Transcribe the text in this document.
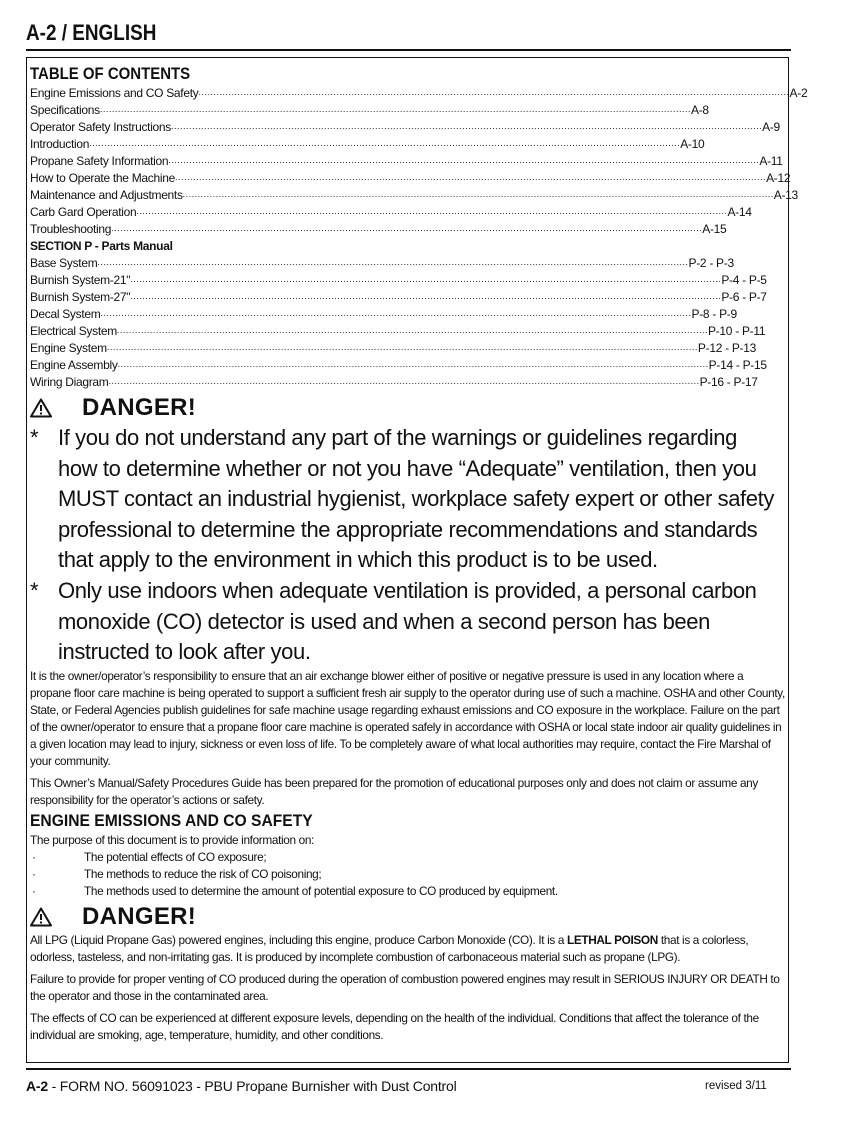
A-2 / ENGLISH
TABLE OF CONTENTS
Engine Emissions and CO Safety ..................................................................................................................................................................................................... A-2
Specifications ..................................................................................................................................................................................................... A-8
Operator Safety Instructions ..................................................................................................................................................................................................... A-9
Introduction ..................................................................................................................................................................................................... A-10
Propane Safety Information ..................................................................................................................................................................................................... A-11
How to Operate the Machine ..................................................................................................................................................................................................... A-12
Maintenance and Adjustments ..................................................................................................................................................................................................... A-13
Carb Gard Operation ..................................................................................................................................................................................................... A-14
Troubleshooting ..................................................................................................................................................................................................... A-15
SECTION P - Parts Manual
Base System ..................................................................................................................................................................................................... P-2 - P-3
Burnish System-21" ..................................................................................................................................................................................................... P-4 - P-5
Burnish System-27" ..................................................................................................................................................................................................... P-6 - P-7
Decal System ..................................................................................................................................................................................................... P-8 - P-9
Electrical System ..................................................................................................................................................................................................... P-10 - P-11
Engine System ..................................................................................................................................................................................................... P-12 - P-13
Engine Assembly ..................................................................................................................................................................................................... P-14 - P-15
Wiring Diagram ..................................................................................................................................................................................................... P-16 - P-17
DANGER!
* If you do not understand any part of the warnings or guidelines regarding how to determine whether or not you have “Adequate” ventilation, then you MUST contact an industrial hygienist, workplace safety expert or other safety professional to determine the appropriate recommendations and standards that apply to the environment in which this product is to be used.
* Only use indoors when adequate ventilation is provided, a personal carbon monoxide (CO) detector is used and when a second person has been instructed to look after you.

It is the owner/operator’s responsibility to ensure that an air exchange blower either of positive or negative pressure is used in any location where a propane floor care machine is being operated to support a sufficient fresh air supply to the operator during use of such a machine. OSHA and other County, State, or Federal Agencies publish guidelines for safe machine usage regarding exhaust emissions and CO exposure in the workplace. Failure on the part of the owner/operator to ensure that a propane floor care machine is operated safely in accordance with OSHA or local state indoor air quality guidelines in a given location may lead to injury, sickness or even loss of life. To be completely aware of what local authorities may require, contact the Fire Marshal of your community.

This Owner’s Manual/Safety Procedures Guide has been prepared for the promotion of educational purposes only and does not claim or assume any responsibility for the operator’s actions or safety.

ENGINE EMISSIONS AND CO SAFETY

The purpose of this document is to provide information on:

·	The potential effects of CO exposure;
·	The methods to reduce the risk of CO poisoning;
·	The methods used to determine the amount of potential exposure to CO produced by equipment.
DANGER!

All LPG (Liquid Propane Gas) powered engines, including this engine, produce Carbon Monoxide (CO). It is a LETHAL POISON that is a colorless, odorless, tasteless, and non-irritating gas. It is produced by incomplete combustion of carbonaceous material such as propane (LPG).

Failure to provide for proper venting of CO produced during the operation of combustion powered engines may result in SERIOUS INJURY OR DEATH to the operator and those in the contaminated area.

The effects of CO can be experienced at different exposure levels, depending on the health of the individual. Conditions that affect the tolerance of the individual are smoking, age, temperature, humidity, and other conditions.

A-2 - FORM NO. 56091023 - PBU Propane Burnisher with Dust Control	revised 3/11
